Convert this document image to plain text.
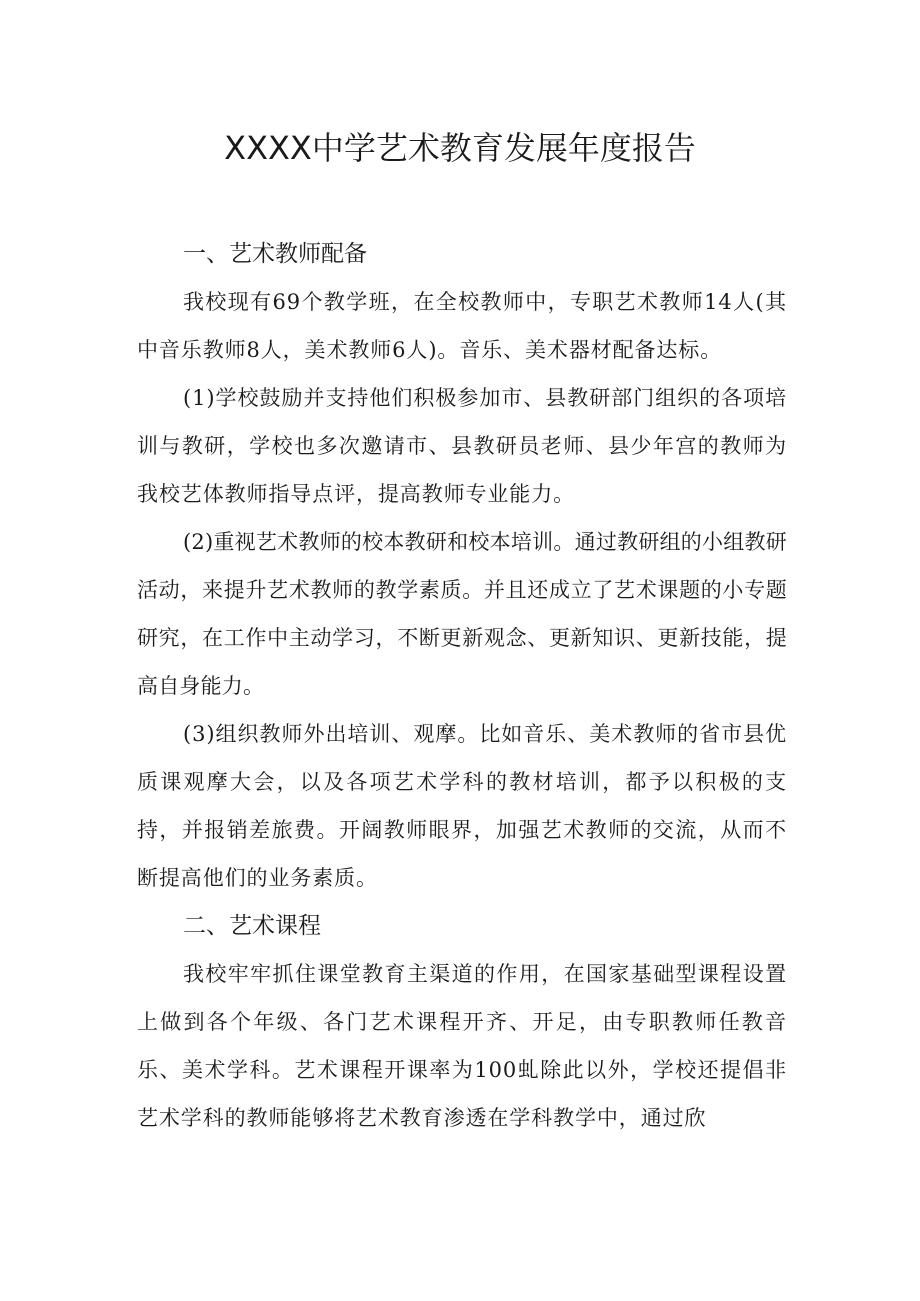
XXXX中学艺术教育发展年度报告
一、艺术教师配备

我校现有69个教学班，在全校教师中，专职艺术教师14人(其中音乐教师8人，美术教师6人)。音乐、美术器材配备达标。

(1)学校鼓励并支持他们积极参加市、县教研部门组织的各项培训与教研，学校也多次邀请市、县教研员老师、县少年宫的教师为我校艺体教师指导点评，提高教师专业能力。

(2)重视艺术教师的校本教研和校本培训。通过教研组的小组教研活动，来提升艺术教师的教学素质。并且还成立了艺术课题的小专题研究，在工作中主动学习，不断更新观念、更新知识、更新技能，提高自身能力。

(3)组织教师外出培训、观摩。比如音乐、美术教师的省市县优质课观摩大会，以及各项艺术学科的教材培训，都予以积极的支持，并报销差旅费。开阔教师眼界，加强艺术教师的交流，从而不断提高他们的业务素质。

二、艺术课程

我校牢牢抓住课堂教育主渠道的作用，在国家基础型课程设置上做到各个年级、各门艺术课程开齐、开足，由专职教师任教音乐、美术学科。艺术课程开课率为100虬除此以外，学校还提倡非艺术学科的教师能够将艺术教育渗透在学科教学中，通过欣
